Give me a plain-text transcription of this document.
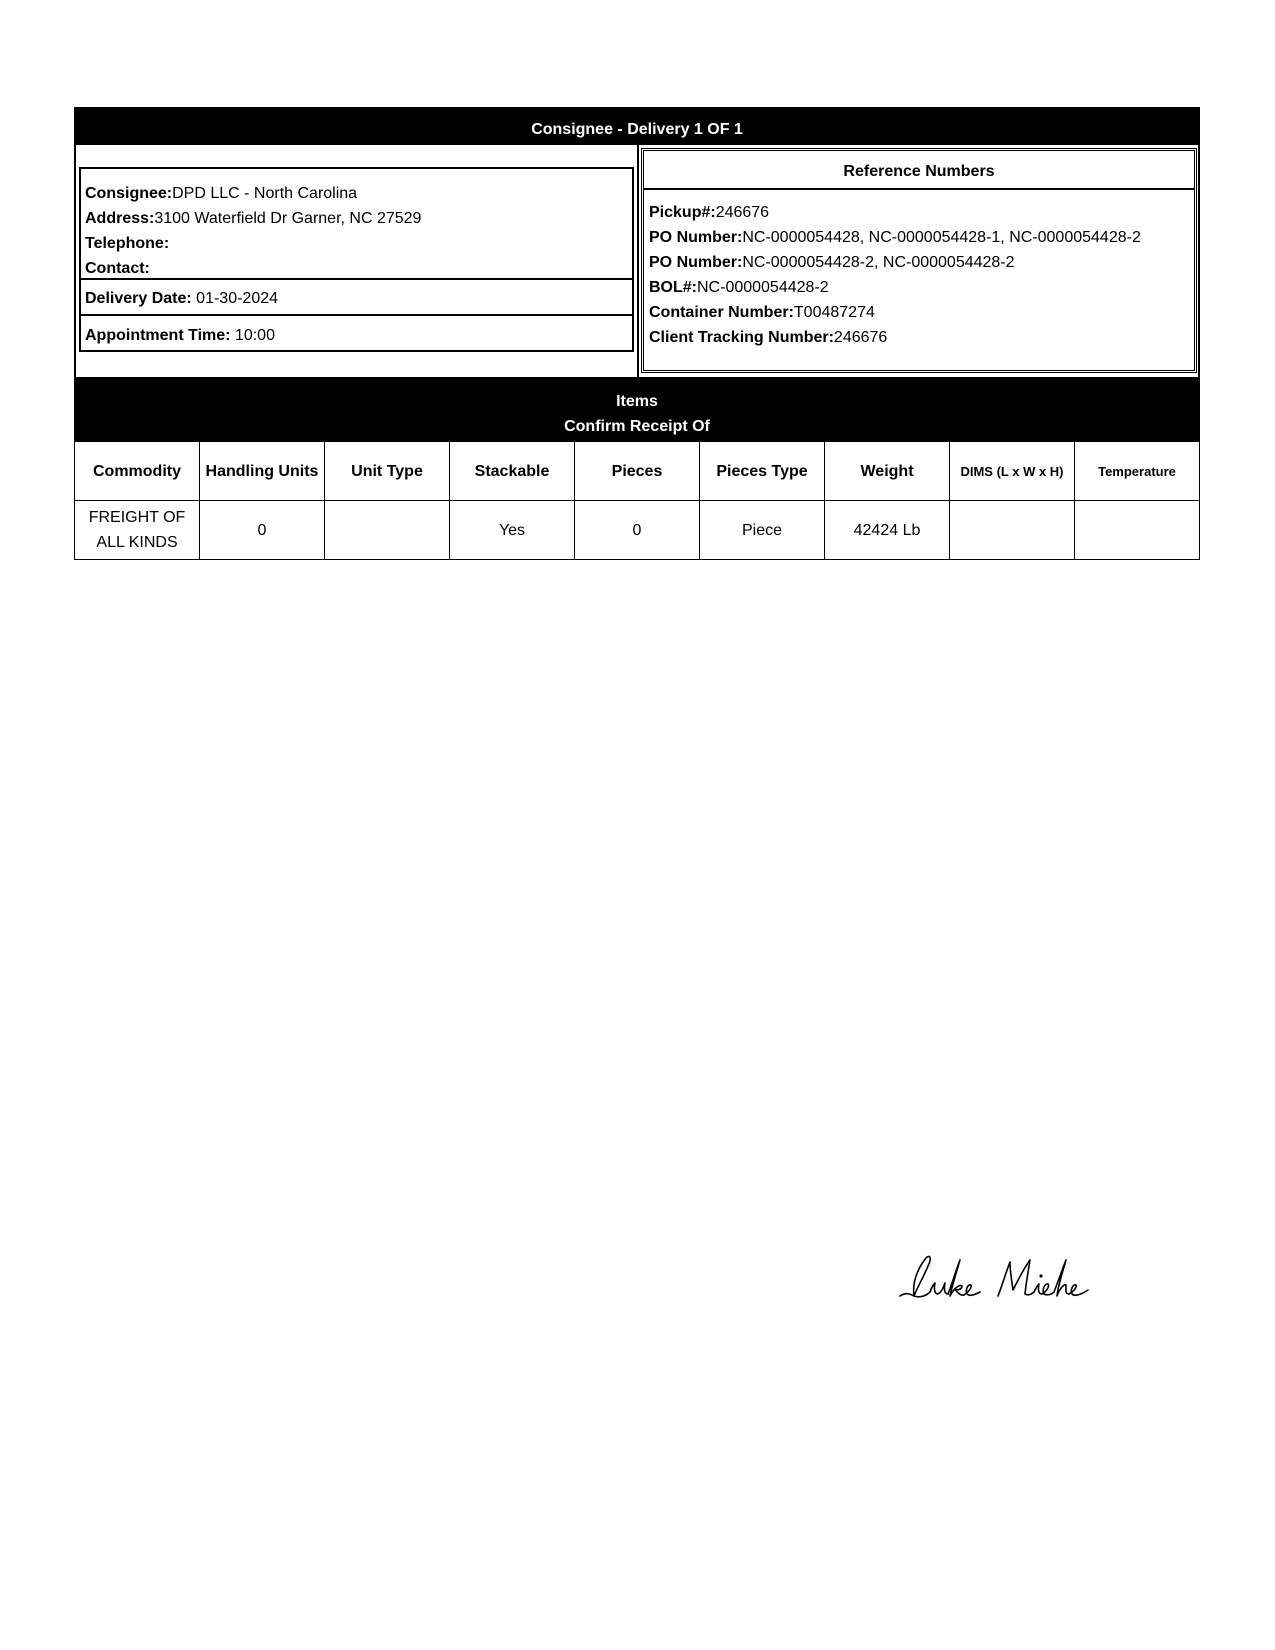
Consignee - Delivery 1 OF 1
Consignee:DPD LLC - North Carolina
Address:3100 Waterfield Dr Garner, NC 27529
Telephone:
Contact:
Delivery Date: 01-30-2024
Appointment Time: 10:00
Reference Numbers
Pickup#:246676
PO Number:NC-0000054428, NC-0000054428-1, NC-0000054428-2
PO Number:NC-0000054428-2, NC-0000054428-2
BOL#:NC-0000054428-2
Container Number:T00487274
Client Tracking Number:246676
Items
Confirm Receipt Of
Commodity	Handling Units	Unit Type	Stackable	Pieces	Pieces Type	Weight	DIMS (L x W x H)	Temperature
FREIGHT OF ALL KINDS	0		Yes	0	Piece	42424 Lb		
